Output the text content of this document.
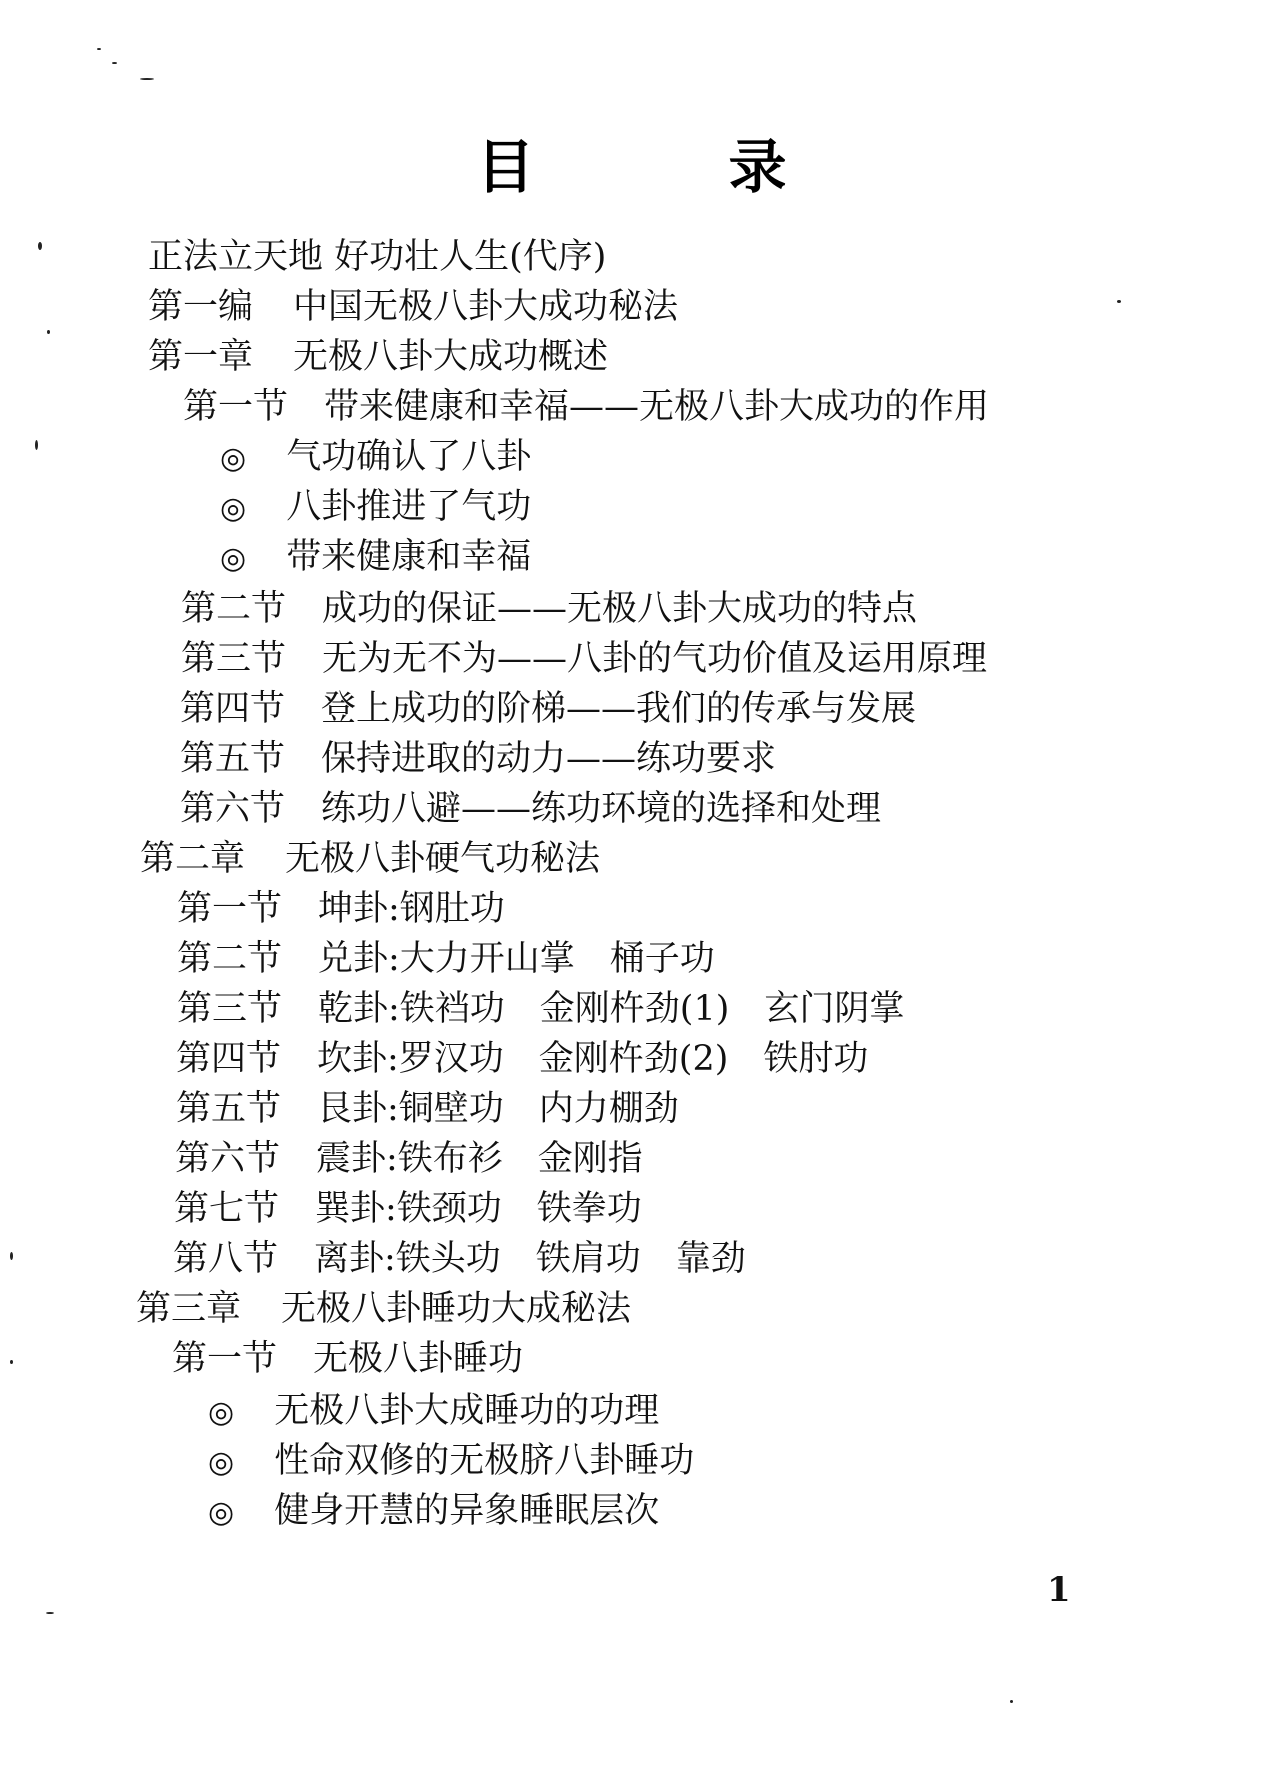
目　录
正法立天地 好功壮人生(代序)
第一编 中国无极八卦大成功秘法
第一章 无极八卦大成功概述
第一节 带来健康和幸福——无极八卦大成功的作用
◎ 气功确认了八卦
◎ 八卦推进了气功
◎ 带来健康和幸福
第二节 成功的保证——无极八卦大成功的特点
第三节 无为无不为——八卦的气功价值及运用原理
第四节 登上成功的阶梯——我们的传承与发展
第五节 保持进取的动力——练功要求
第六节 练功八避——练功环境的选择和处理
第二章 无极八卦硬气功秘法
第一节 坤卦:钢肚功
第二节 兑卦:大力开山掌　桶子功
第三节 乾卦:铁裆功　金刚杵劲(1)　玄门阴掌
第四节 坎卦:罗汉功　金刚杵劲(2)　铁肘功
第五节 艮卦:铜壁功　内力棚劲
第六节 震卦:铁布衫　金刚指
第七节 巽卦:铁颈功　铁拳功
第八节 离卦:铁头功　铁肩功　靠劲
第三章 无极八卦睡功大成秘法
第一节 无极八卦睡功
◎ 无极八卦大成睡功的功理
◎ 性命双修的无极脐八卦睡功
◎ 健身开慧的异象睡眠层次
1
